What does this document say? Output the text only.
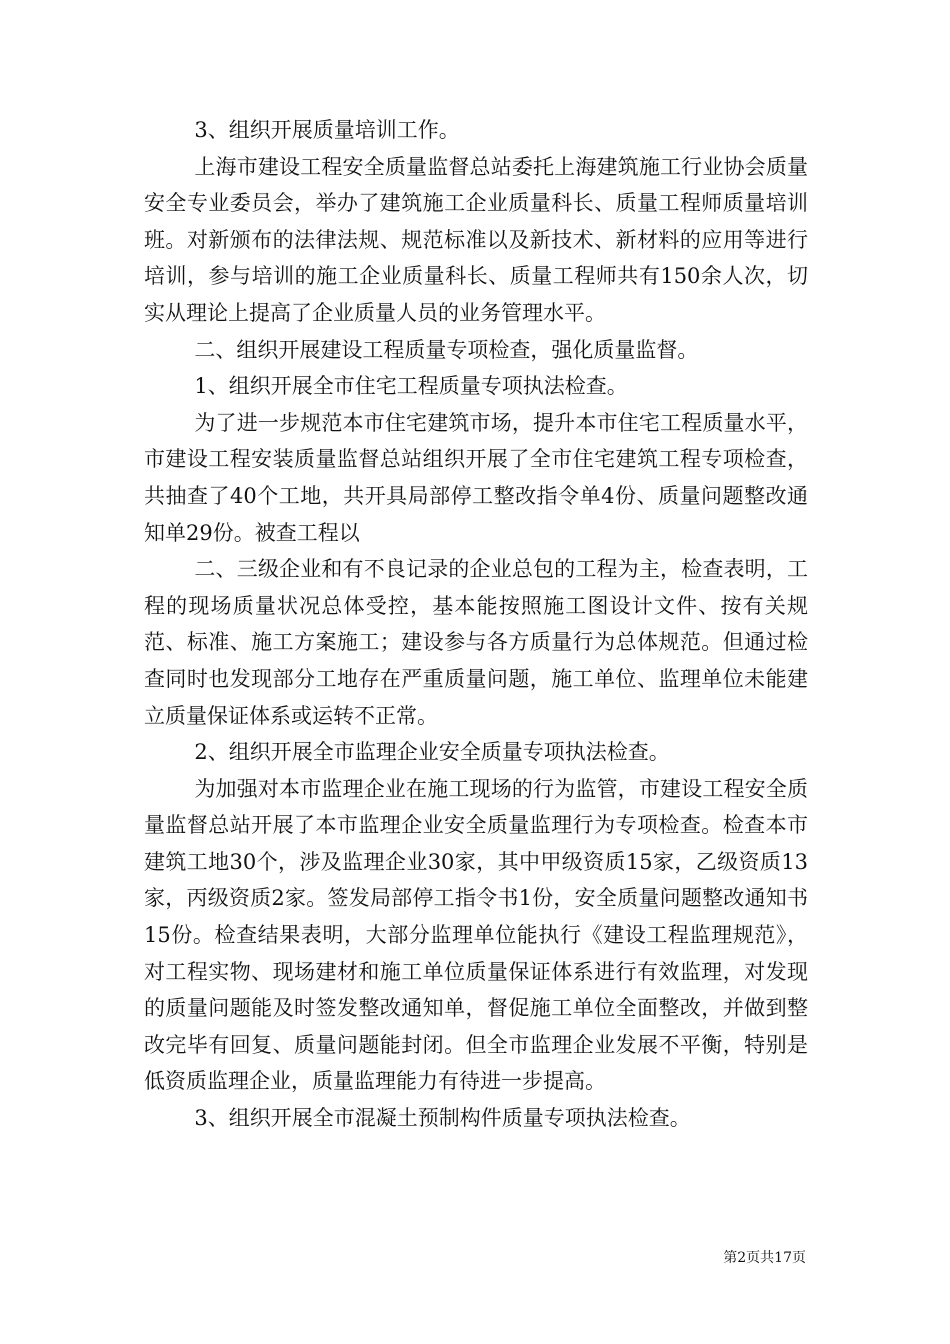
3、组织开展质量培训工作。

上海市建设工程安全质量监督总站委托上海建筑施工行业协会质量安全专业委员会，举办了建筑施工企业质量科长、质量工程师质量培训班。对新颁布的法律法规、规范标准以及新技术、新材料的应用等进行培训，参与培训的施工企业质量科长、质量工程师共有150余人次，切实从理论上提高了企业质量人员的业务管理水平。

二、组织开展建设工程质量专项检查，强化质量监督。

1、组织开展全市住宅工程质量专项执法检查。

为了进一步规范本市住宅建筑市场，提升本市住宅工程质量水平，市建设工程安装质量监督总站组织开展了全市住宅建筑工程专项检查，共抽查了40个工地，共开具局部停工整改指令单4份、质量问题整改通知单29份。被查工程以

二、三级企业和有不良记录的企业总包的工程为主，检查表明，工程的现场质量状况总体受控，基本能按照施工图设计文件、按有关规范、标准、施工方案施工；建设参与各方质量行为总体规范。但通过检查同时也发现部分工地存在严重质量问题，施工单位、监理单位未能建立质量保证体系或运转不正常。

2、组织开展全市监理企业安全质量专项执法检查。

为加强对本市监理企业在施工现场的行为监管，市建设工程安全质量监督总站开展了本市监理企业安全质量监理行为专项检查。检查本市建筑工地30个，涉及监理企业30家，其中甲级资质15家，乙级资质13家，丙级资质2家。签发局部停工指令书1份，安全质量问题整改通知书15份。检查结果表明，大部分监理单位能执行《建设工程监理规范》，对工程实物、现场建材和施工单位质量保证体系进行有效监理，对发现的质量问题能及时签发整改通知单，督促施工单位全面整改，并做到整改完毕有回复、质量问题能封闭。但全市监理企业发展不平衡，特别是低资质监理企业，质量监理能力有待进一步提高。

3、组织开展全市混凝土预制构件质量专项执法检查。

第2页共17页
